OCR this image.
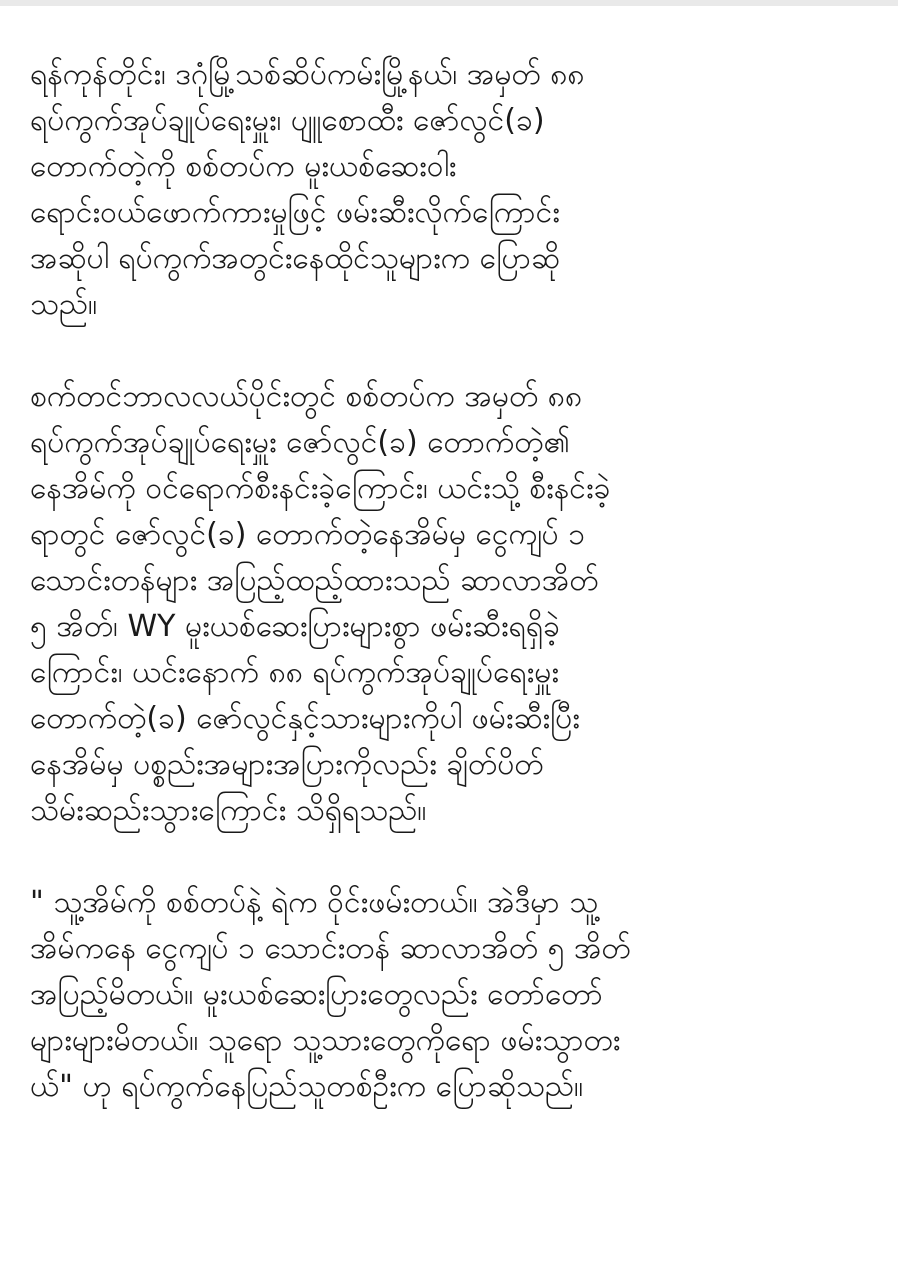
ရန်ကုန်တိုင်း၊ ဒဂုံမြို့သစ်ဆိပ်ကမ်းမြို့နယ်၊ အမှတ် ၈၈
ရပ်ကွက်အုပ်ချုပ်ရေးမှူး၊ ပျူစောထီး ဇော်လွင်(ခ)
တောက်တဲ့ကို စစ်တပ်က မူးယစ်ဆေးဝါး
ရောင်းဝယ်ဖောက်ကားမှုဖြင့် ဖမ်းဆီးလိုက်ကြောင်း
အဆိုပါ ရပ်ကွက်အတွင်းနေထိုင်သူများက ပြောဆို
သည်။
စက်တင်ဘာလလယ်ပိုင်းတွင် စစ်တပ်က အမှတ် ၈၈
ရပ်ကွက်အုပ်ချုပ်ရေးမှူး ဇော်လွင်(ခ) တောက်တဲ့၏
နေအိမ်ကို ဝင်ရောက်စီးနင်းခဲ့ကြောင်း၊ ယင်းသို့ စီးနင်းခဲ့
ရာတွင် ဇော်လွင်(ခ) တောက်တဲ့နေအိမ်မှ ငွေကျပ် ၁
သောင်းတန်များ အပြည့်ထည့်ထားသည် ဆာလာအိတ်
၅ အိတ်၊ WY မူးယစ်ဆေးပြားများစွာ ဖမ်းဆီးရရှိခဲ့
ကြောင်း၊ ယင်းနောက် ၈၈ ရပ်ကွက်အုပ်ချုပ်ရေးမှူး
တောက်တဲ့(ခ) ဇော်လွင်နှင့်သားများကိုပါ ဖမ်းဆီးပြီး
နေအိမ်မှ ပစ္စည်းအများအပြားကိုလည်း ချိတ်ပိတ်
သိမ်းဆည်းသွားကြောင်း သိရှိရသည်။
" သူ့အိမ်ကို စစ်တပ်နဲ့ ရဲက ဝိုင်းဖမ်းတယ်။ အဲဒီမှာ သူ့
အိမ်ကနေ ငွေကျပ် ၁ သောင်းတန် ဆာလာအိတ် ၅ အိတ်
အပြည့်မိတယ်။ မူးယစ်ဆေးပြားတွေလည်း တော်တော်
များများမိတယ်။ သူရော သူ့သားတွေကိုရော ဖမ်းသွာတး
ယ်" ဟု ရပ်ကွက်နေပြည်သူတစ်ဦးက ပြောဆိုသည်။
